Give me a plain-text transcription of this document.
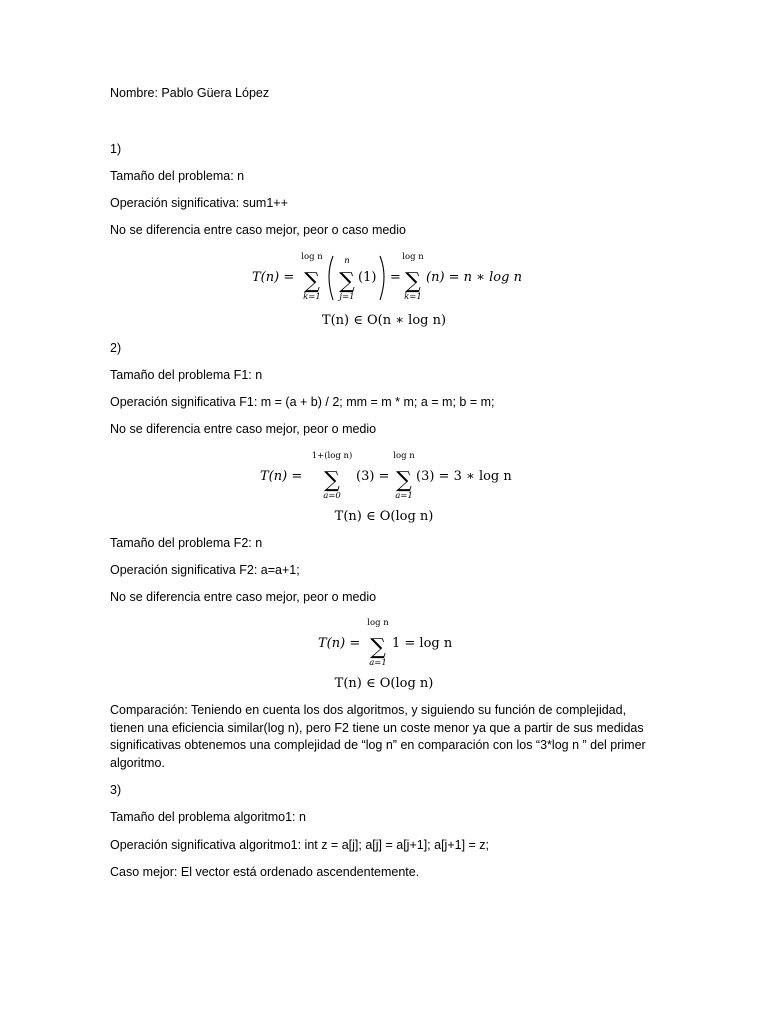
Nombre: Pablo Güera López
1)
Tamaño del problema: n
Operación significativa: sum1++
No se diferencia entre caso mejor, peor o caso medio
T(n) =
log n
∑
k=1
n
∑
j=1
(1) =
log n
∑
k=1
(n) = n ∗ log n
T(n) ∈ O(n ∗ log n)
2)
Tamaño del problema F1: n
Operación significativa F1: m = (a + b) / 2; mm = m * m; a = m; b = m;
No se diferencia entre caso mejor, peor o medio
T(n) =
1+(log n)
∑
a=0
(3) =
log n
∑
a=1
(3) = 3 ∗ log n
T(n) ∈ O(log n)
Tamaño del problema F2: n
Operación significativa F2: a=a+1;
No se diferencia entre caso mejor, peor o medio
T(n) =
log n
∑
a=1
1 = log n
T(n) ∈ O(log n)
Comparación: Teniendo en cuenta los dos algoritmos, y siguiendo su función de complejidad, tienen una eficiencia similar(log n), pero F2 tiene un coste menor ya que a partir de sus medidas significativas obtenemos una complejidad de “log n” en comparación con los “3*log n ” del primer algoritmo.
3)
Tamaño del problema algoritmo1: n
Operación significativa algoritmo1: int z = a[j]; a[j] = a[j+1]; a[j+1] = z;
Caso mejor: El vector está ordenado ascendentemente.
